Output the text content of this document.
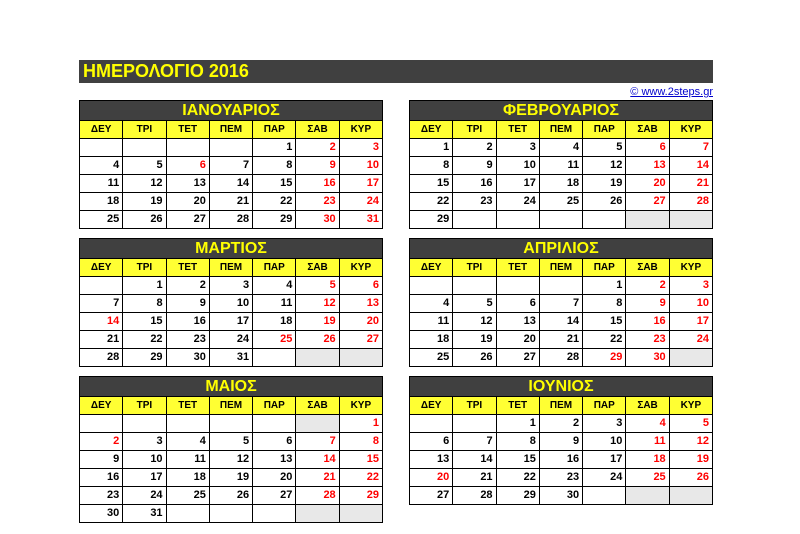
ΗΜΕΡΟΛΟΓΙΟ 2016
© www.2steps.gr
ΙΑΝΟΥΑΡΙΟΣ						
ΔΕΥ	ΤΡΙ	ΤΕΤ	ΠΕΜ	ΠΑΡ	ΣΑΒ	ΚΥΡ
				1	2	3
4	5	6	7	8	9	10
11	12	13	14	15	16	17
18	19	20	21	22	23	24
25	26	27	28	29	30	31
ΦΕΒΡΟΥΑΡΙΟΣ						
ΔΕΥ	ΤΡΙ	ΤΕΤ	ΠΕΜ	ΠΑΡ	ΣΑΒ	ΚΥΡ
1	2	3	4	5	6	7
8	9	10	11	12	13	14
15	16	17	18	19	20	21
22	23	24	25	26	27	28
29						
ΜΑΡΤΙΟΣ						
ΔΕΥ	ΤΡΙ	ΤΕΤ	ΠΕΜ	ΠΑΡ	ΣΑΒ	ΚΥΡ
	1	2	3	4	5	6
7	8	9	10	11	12	13
14	15	16	17	18	19	20
21	22	23	24	25	26	27
28	29	30	31			
ΑΠΡΙΛΙΟΣ						
ΔΕΥ	ΤΡΙ	ΤΕΤ	ΠΕΜ	ΠΑΡ	ΣΑΒ	ΚΥΡ
				1	2	3
4	5	6	7	8	9	10
11	12	13	14	15	16	17
18	19	20	21	22	23	24
25	26	27	28	29	30	
ΜΑΙΟΣ						
ΔΕΥ	ΤΡΙ	ΤΕΤ	ΠΕΜ	ΠΑΡ	ΣΑΒ	ΚΥΡ
						1
2	3	4	5	6	7	8
9	10	11	12	13	14	15
16	17	18	19	20	21	22
23	24	25	26	27	28	29
30	31					
ΙΟΥΝΙΟΣ						
ΔΕΥ	ΤΡΙ	ΤΕΤ	ΠΕΜ	ΠΑΡ	ΣΑΒ	ΚΥΡ
		1	2	3	4	5
6	7	8	9	10	11	12
13	14	15	16	17	18	19
20	21	22	23	24	25	26
27	28	29	30			
